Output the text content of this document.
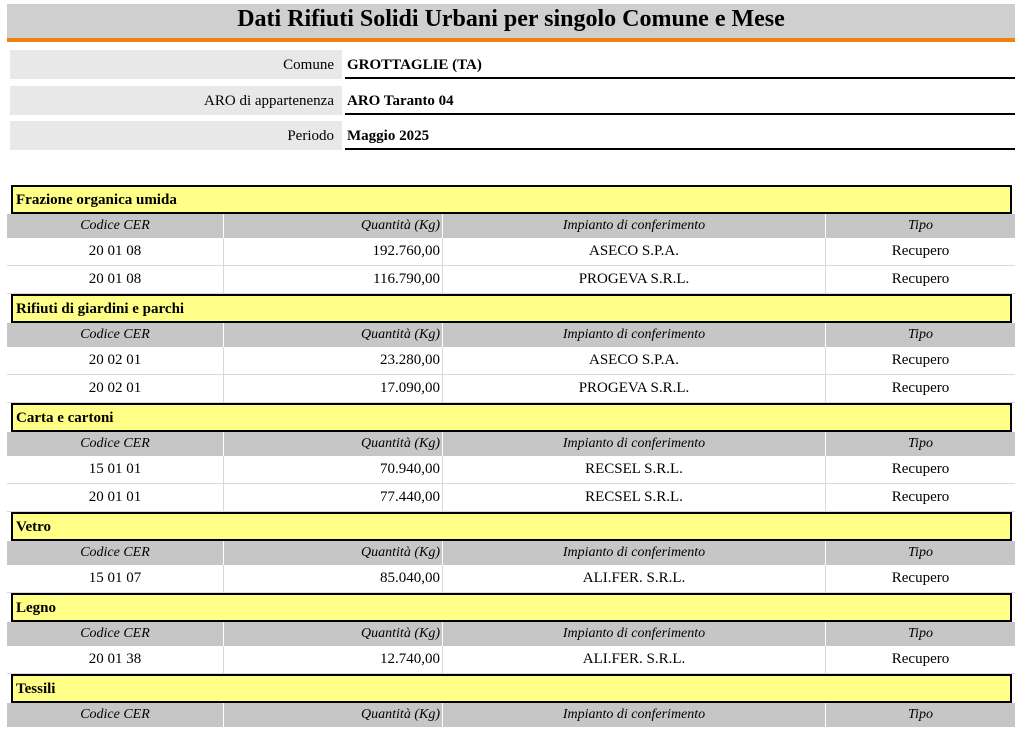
Dati Rifiuti Solidi Urbani per singolo Comune e Mese
Comune GROTTAGLIE (TA)
ARO di appartenenza ARO Taranto 04
Periodo Maggio 2025
Frazione organica umida
Codice CER	Quantità (Kg)	Impianto di conferimento	Tipo
20 01 08	192.760,00	ASECO S.P.A.	Recupero
20 01 08	116.790,00	PROGEVA S.R.L.	Recupero
Rifiuti di giardini e parchi
Codice CER	Quantità (Kg)	Impianto di conferimento	Tipo
20 02 01	23.280,00	ASECO S.P.A.	Recupero
20 02 01	17.090,00	PROGEVA S.R.L.	Recupero
Carta e cartoni
Codice CER	Quantità (Kg)	Impianto di conferimento	Tipo
15 01 01	70.940,00	RECSEL S.R.L.	Recupero
20 01 01	77.440,00	RECSEL S.R.L.	Recupero
Vetro
Codice CER	Quantità (Kg)	Impianto di conferimento	Tipo
15 01 07	85.040,00	ALI.FER. S.R.L.	Recupero
Legno
Codice CER	Quantità (Kg)	Impianto di conferimento	Tipo
20 01 38	12.740,00	ALI.FER. S.R.L.	Recupero
Tessili
Codice CER	Quantità (Kg)	Impianto di conferimento	Tipo
